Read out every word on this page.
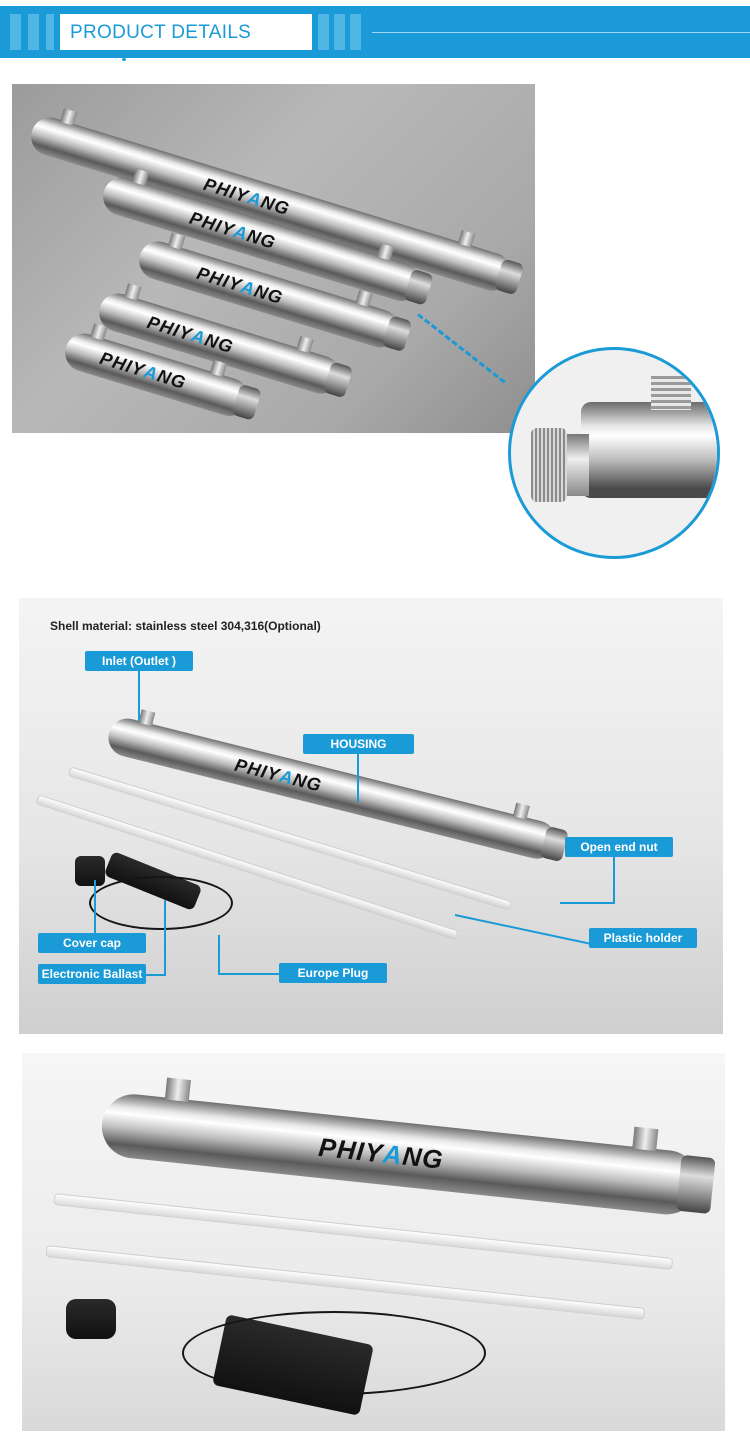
PRODUCT DETAILS
PHIYANG
PHIYANG
PHIYANG
PHIYANG
PHIYANG
PHIYANG
Shell material: stainless steel 304,316(Optional)
Inlet (Outlet )
HOUSING
Open end nut
Plastic holder
Cover cap
Electronic Ballast	Europe Plug
PHIYANG
